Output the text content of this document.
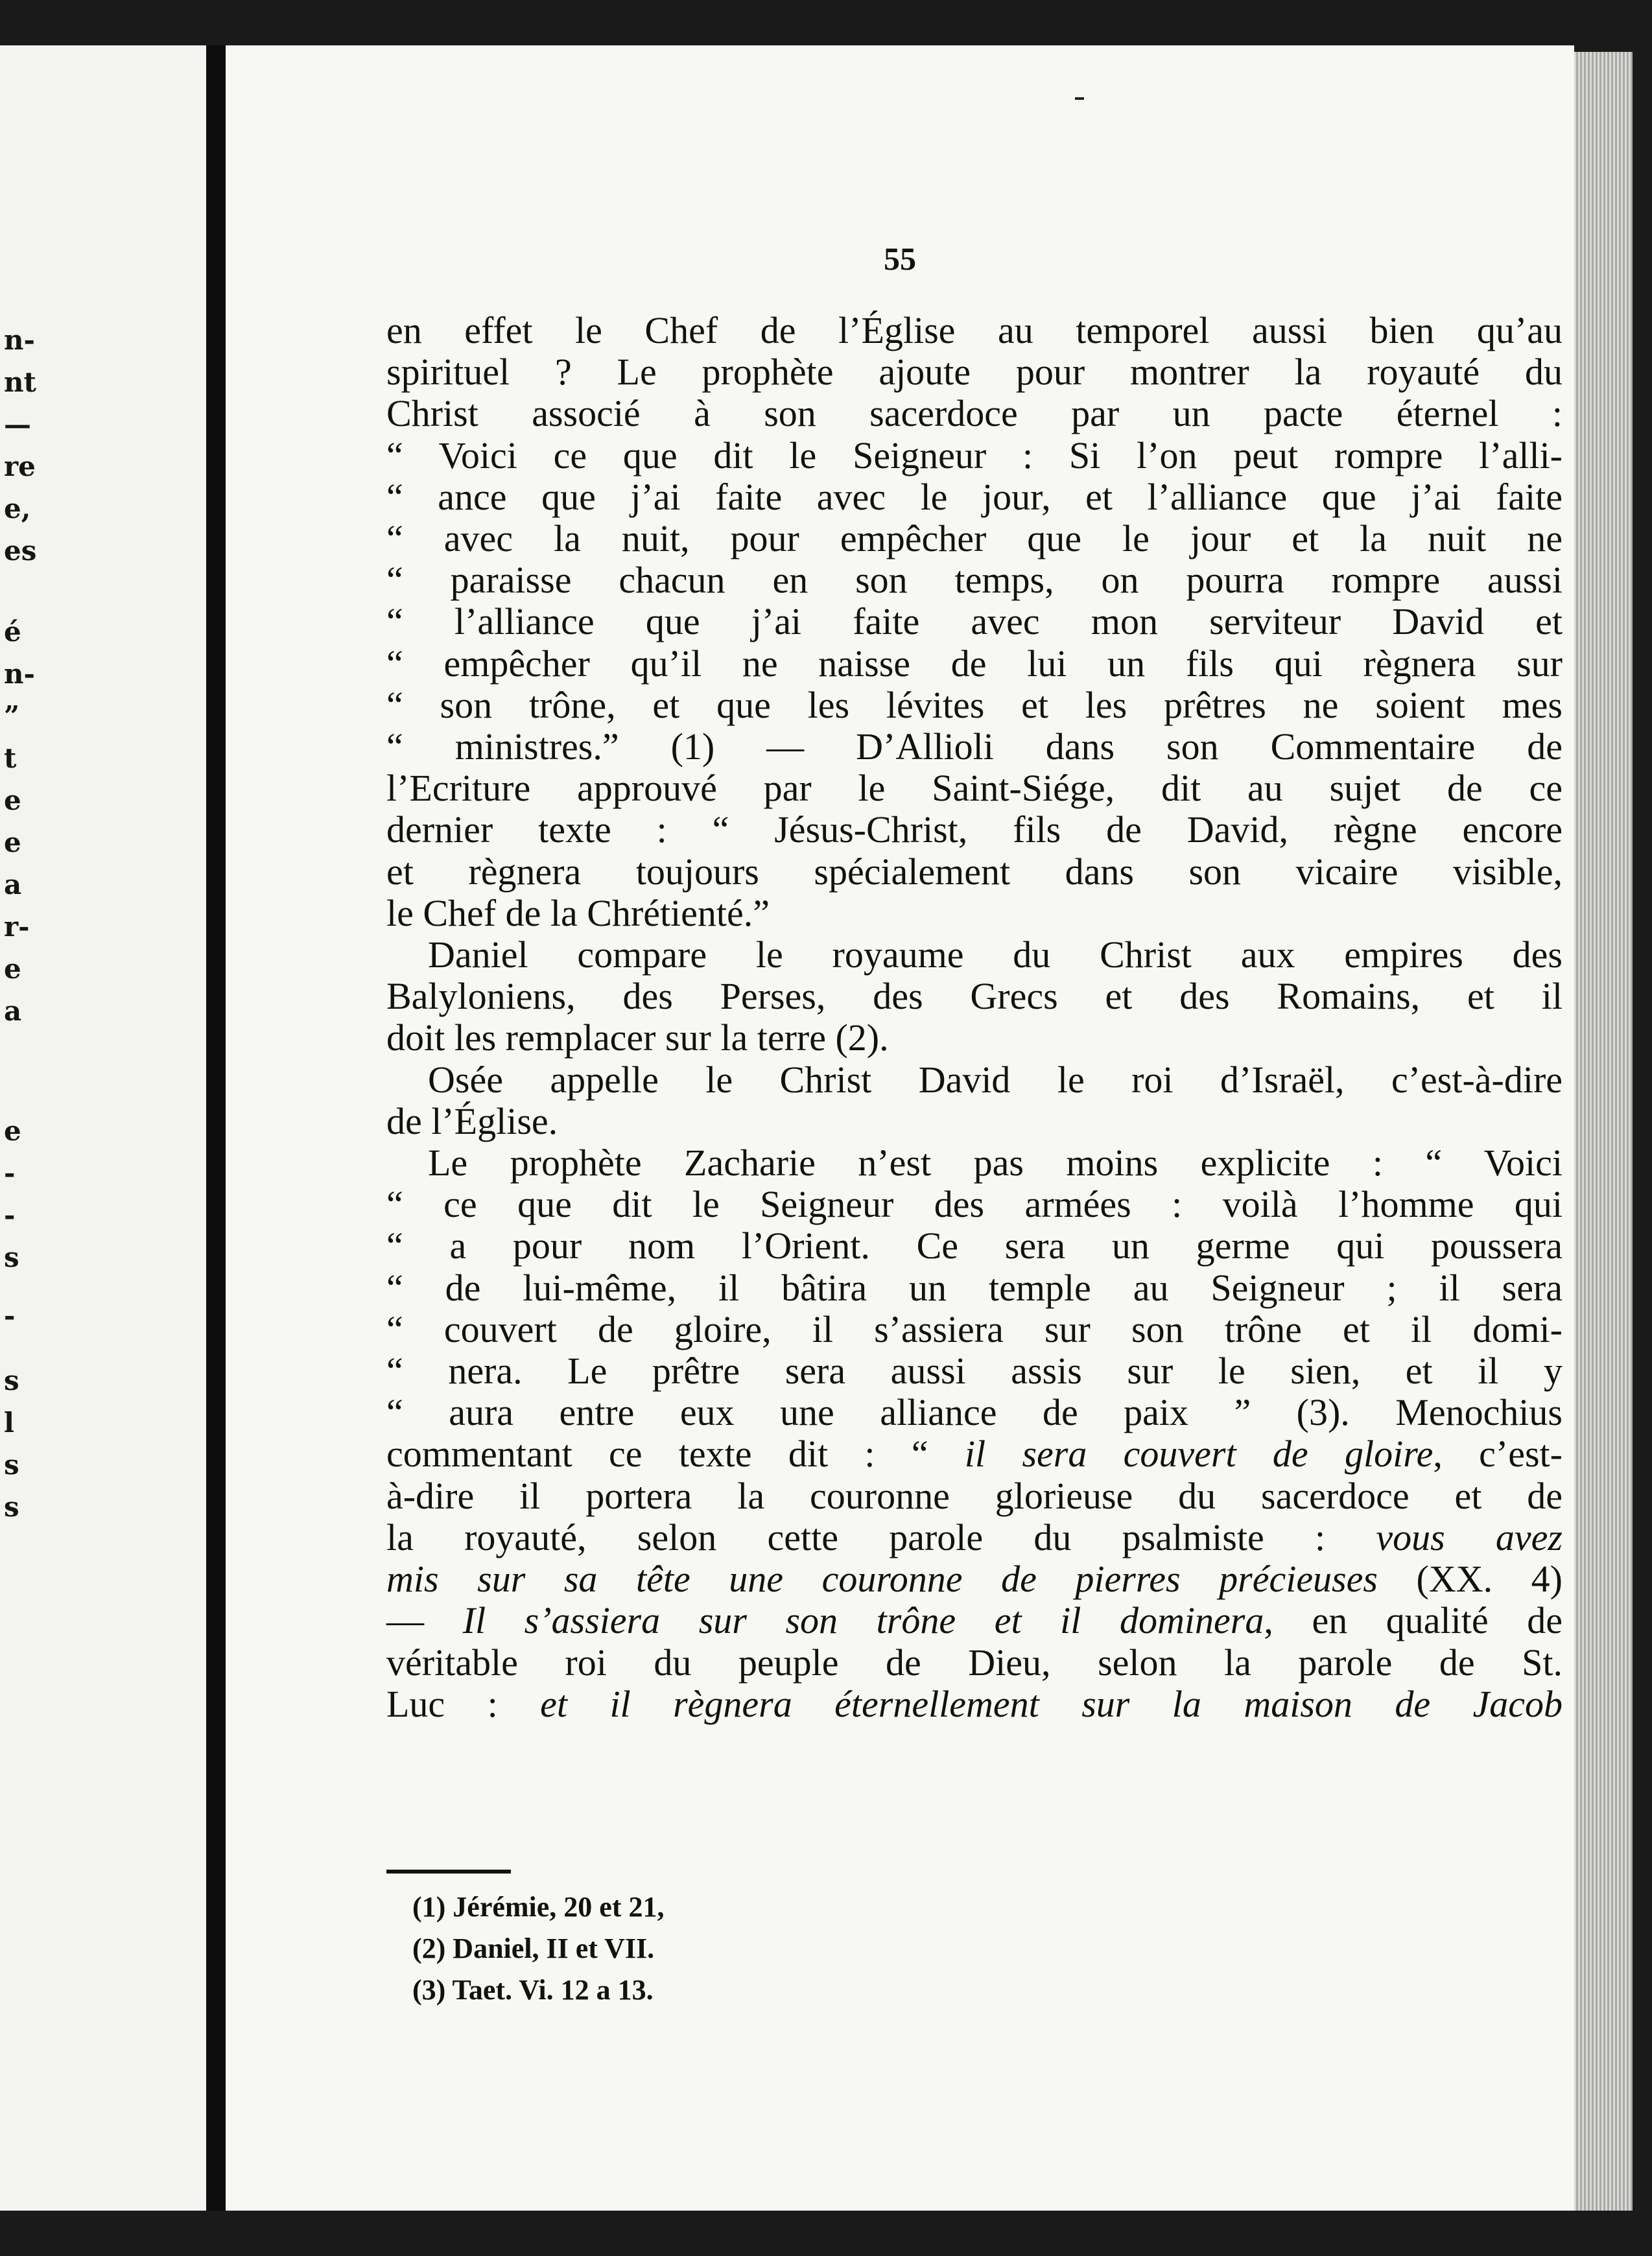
n-
nt
—
re
e,
es
é
n-
”
t
e
e
a
r-
e
a
e
-
-
s
-
s
l
s
s
55
en effet le Chef de l’Église au temporel aussi bien qu’au
spirituel ? Le prophète ajoute pour montrer la royauté du
Christ associé à son sacerdoce par un pacte éternel :
“ Voici ce que dit le Seigneur : Si l’on peut rompre l’alli-
“ ance que j’ai faite avec le jour, et l’alliance que j’ai faite
“ avec la nuit, pour empêcher que le jour et la nuit ne
“ paraisse chacun en son temps, on pourra rompre aussi
“ l’alliance que j’ai faite avec mon serviteur David et
“ empêcher qu’il ne naisse de lui un fils qui règnera sur
“ son trône, et que les lévites et les prêtres ne soient mes
“ ministres.” (1) — D’Allioli dans son Commentaire de
l’Ecriture approuvé par le Saint-Siége, dit au sujet de ce
dernier texte : “ Jésus-Christ, fils de David, règne encore
et règnera toujours spécialement dans son vicaire visible,
le Chef de la Chrétienté.”
Daniel compare le royaume du Christ aux empires des
Balyloniens, des Perses, des Grecs et des Romains, et il
doit les remplacer sur la terre (2).
Osée appelle le Christ David le roi d’Israël, c’est-à-dire
de l’Église.
Le prophète Zacharie n’est pas moins explicite : “ Voici
“ ce que dit le Seigneur des armées : voilà l’homme qui
“ a pour nom l’Orient. Ce sera un germe qui poussera
“ de lui-même, il bâtira un temple au Seigneur ; il sera
“ couvert de gloire, il s’assiera sur son trône et il domi-
“ nera. Le prêtre sera aussi assis sur le sien, et il y
“ aura entre eux une alliance de paix ” (3). Menochius
commentant ce texte dit : “ il sera couvert de gloire, c’est-
à-dire il portera la couronne glorieuse du sacerdoce et de
la royauté, selon cette parole du psalmiste : vous avez
mis sur sa tête une couronne de pierres précieuses (XX. 4)
— Il s’assiera sur son trône et il dominera, en qualité de
véritable roi du peuple de Dieu, selon la parole de St.
Luc : et il règnera éternellement sur la maison de Jacob
(1) Jérémie, 20 et 21,
(2) Daniel, II et VII.
(3) Taet. Vi. 12 a 13.
